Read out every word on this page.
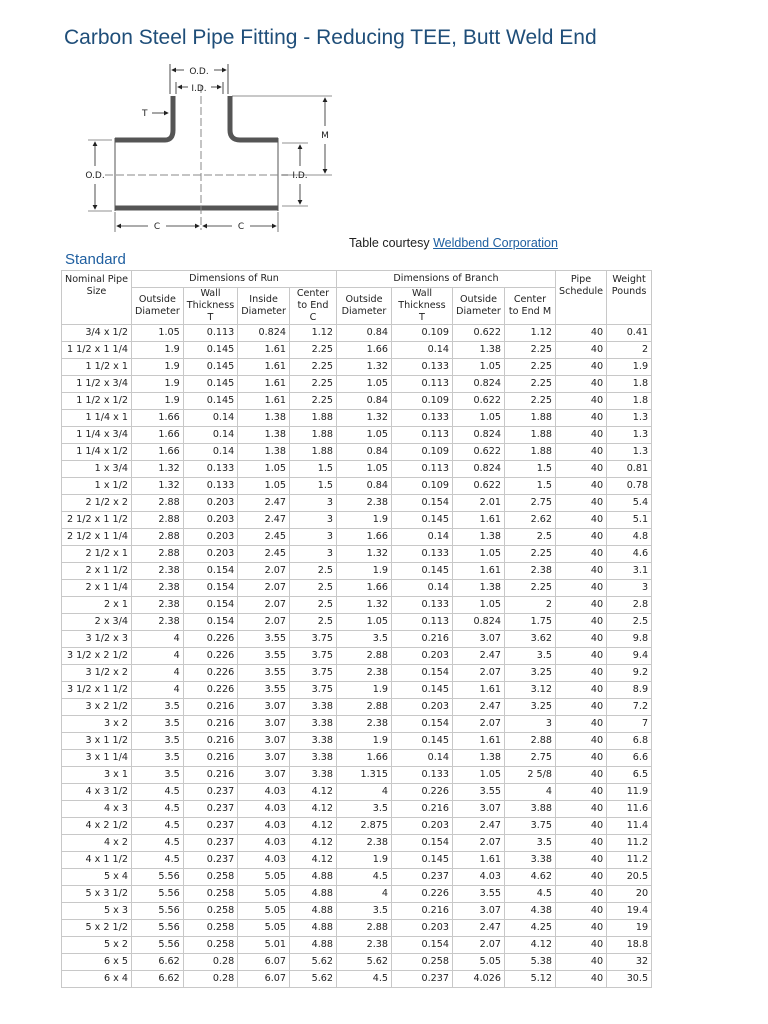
Carbon Steel Pipe Fitting - Reducing TEE, Butt Weld End
O.D.
I.D.
T
M
O.D.	I.D.
C	C
Table courtesy Weldbend Corporation
Standard
Nominal Pipe Size	Dimensions of Run				Dimensions of Branch				Pipe Schedule	Weight Pounds
	Outside Diameter	Wall Thickness T	Inside Diameter	Center to End C	Outside Diameter	Wall Thickness T	Outside Diameter	Center to End M		
3/4 x 1/2	1.05	0.113	0.824	1.12	0.84	0.109	0.622	1.12	40	0.41
1 1/2 x 1 1/4	1.9	0.145	1.61	2.25	1.66	0.14	1.38	2.25	40	2
1 1/2 x 1	1.9	0.145	1.61	2.25	1.32	0.133	1.05	2.25	40	1.9
1 1/2 x 3/4	1.9	0.145	1.61	2.25	1.05	0.113	0.824	2.25	40	1.8
1 1/2 x 1/2	1.9	0.145	1.61	2.25	0.84	0.109	0.622	2.25	40	1.8
1 1/4 x 1	1.66	0.14	1.38	1.88	1.32	0.133	1.05	1.88	40	1.3
1 1/4 x 3/4	1.66	0.14	1.38	1.88	1.05	0.113	0.824	1.88	40	1.3
1 1/4 x 1/2	1.66	0.14	1.38	1.88	0.84	0.109	0.622	1.88	40	1.3
1 x 3/4	1.32	0.133	1.05	1.5	1.05	0.113	0.824	1.5	40	0.81
1 x 1/2	1.32	0.133	1.05	1.5	0.84	0.109	0.622	1.5	40	0.78
2 1/2 x 2	2.88	0.203	2.47	3	2.38	0.154	2.01	2.75	40	5.4
2 1/2 x 1 1/2	2.88	0.203	2.47	3	1.9	0.145	1.61	2.62	40	5.1
2 1/2 x 1 1/4	2.88	0.203	2.45	3	1.66	0.14	1.38	2.5	40	4.8
2 1/2 x 1	2.88	0.203	2.45	3	1.32	0.133	1.05	2.25	40	4.6
2 x 1 1/2	2.38	0.154	2.07	2.5	1.9	0.145	1.61	2.38	40	3.1
2 x 1 1/4	2.38	0.154	2.07	2.5	1.66	0.14	1.38	2.25	40	3
2 x 1	2.38	0.154	2.07	2.5	1.32	0.133	1.05	2	40	2.8
2 x 3/4	2.38	0.154	2.07	2.5	1.05	0.113	0.824	1.75	40	2.5
3 1/2 x 3	4	0.226	3.55	3.75	3.5	0.216	3.07	3.62	40	9.8
3 1/2 x 2 1/2	4	0.226	3.55	3.75	2.88	0.203	2.47	3.5	40	9.4
3 1/2 x 2	4	0.226	3.55	3.75	2.38	0.154	2.07	3.25	40	9.2
3 1/2 x 1 1/2	4	0.226	3.55	3.75	1.9	0.145	1.61	3.12	40	8.9
3 x 2 1/2	3.5	0.216	3.07	3.38	2.88	0.203	2.47	3.25	40	7.2
3 x 2	3.5	0.216	3.07	3.38	2.38	0.154	2.07	3	40	7
3 x 1 1/2	3.5	0.216	3.07	3.38	1.9	0.145	1.61	2.88	40	6.8
3 x 1 1/4	3.5	0.216	3.07	3.38	1.66	0.14	1.38	2.75	40	6.6
3 x 1	3.5	0.216	3.07	3.38	1.315	0.133	1.05	2 5/8	40	6.5
4 x 3 1/2	4.5	0.237	4.03	4.12	4	0.226	3.55	4	40	11.9
4 x 3	4.5	0.237	4.03	4.12	3.5	0.216	3.07	3.88	40	11.6
4 x 2 1/2	4.5	0.237	4.03	4.12	2.875	0.203	2.47	3.75	40	11.4
4 x 2	4.5	0.237	4.03	4.12	2.38	0.154	2.07	3.5	40	11.2
4 x 1 1/2	4.5	0.237	4.03	4.12	1.9	0.145	1.61	3.38	40	11.2
5 x 4	5.56	0.258	5.05	4.88	4.5	0.237	4.03	4.62	40	20.5
5 x 3 1/2	5.56	0.258	5.05	4.88	4	0.226	3.55	4.5	40	20
5 x 3	5.56	0.258	5.05	4.88	3.5	0.216	3.07	4.38	40	19.4
5 x 2 1/2	5.56	0.258	5.05	4.88	2.88	0.203	2.47	4.25	40	19
5 x 2	5.56	0.258	5.01	4.88	2.38	0.154	2.07	4.12	40	18.8
6 x 5	6.62	0.28	6.07	5.62	5.62	0.258	5.05	5.38	40	32
6 x 4	6.62	0.28	6.07	5.62	4.5	0.237	4.026	5.12	40	30.5
